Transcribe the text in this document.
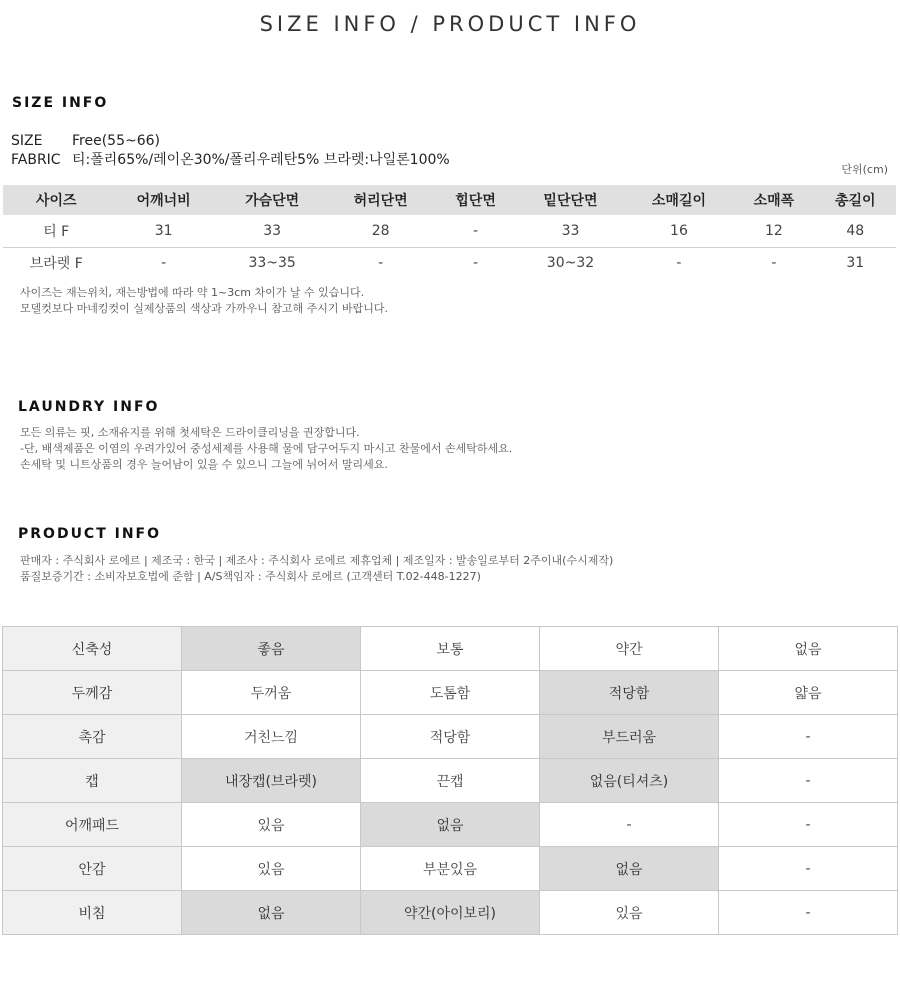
SIZE INFO / PRODUCT INFO
SIZE INFO
SIZE Free(55~66)
FABRIC 티:폴리65%/레이온30%/폴리우레탄5% 브라렛:나일론100%
단위(cm)
사이즈	어깨너비	가슴단면	허리단면	힙단면	밑단단면	소매길이	소매폭	총길이
티 F	31	33	28	-	33	16	12	48
브라렛 F	-	33~35	-	-	30~32	-	-	31
사이즈는 재는위치, 재는방법에 따라 약 1~3cm 차이가 날 수 있습니다.
모델컷보다 마네킹컷이 실제상품의 색상과 가까우니 참고해 주시기 바랍니다.
LAUNDRY INFO
모든 의류는 핏, 소재유지를 위해 첫세탁은 드라이클리닝을 권장합니다.
-단, 배색제품은 이염의 우려가있어 중성세제를 사용해 물에 담구어두지 마시고 찬물에서 손세탁하세요.
손세탁 및 니트상품의 경우 늘어남이 있을 수 있으니 그늘에 뉘어서 말리세요.
PRODUCT INFO
판매자 : 주식회사 로에르 | 제조국 : 한국 | 제조사 : 주식회사 로에르 제휴업체 | 제조일자 : 발송일로부터 2주이내(수시제작)
품질보증기간 : 소비자보호법에 준함 | A/S책임자 : 주식회사 로에르 (고객센터 T.02-448-1227)
신축성	좋음	보통	약간	없음
두께감	두꺼움	도톰함	적당함	얇음
촉감	거친느낌	적당함	부드러움	-
캡	내장캡(브라렛)	끈캡	없음(티셔츠)	-
어깨패드	있음	없음	-	-
안감	있음	부분있음	없음	-
비침	없음	약간(아이보리)	있음	-
